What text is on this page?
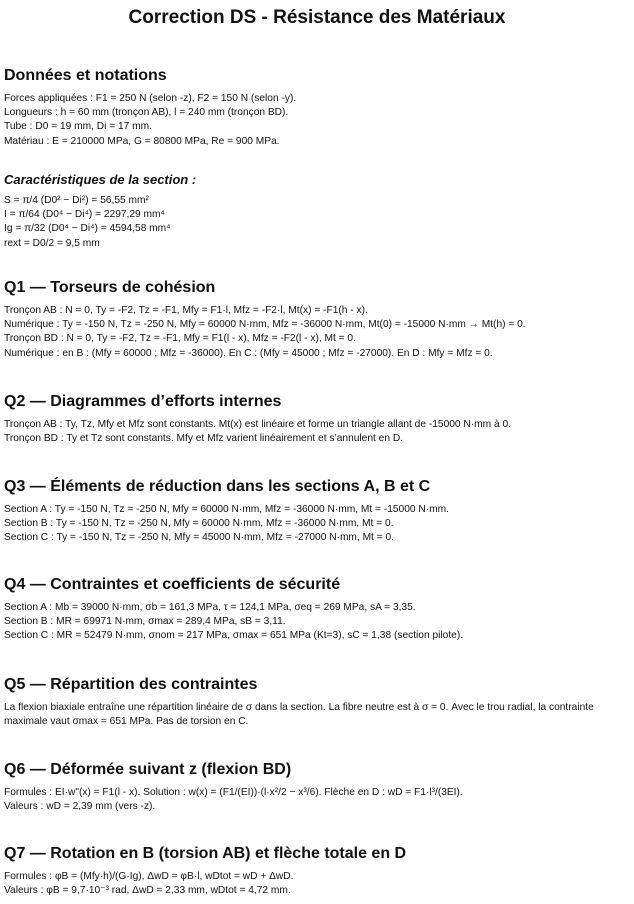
Correction DS - Résistance des Matériaux
Données et notations
Forces appliquées : F1 = 250 N (selon -z), F2 = 150 N (selon -y).
Longueurs : h = 60 mm (tronçon AB), l = 240 mm (tronçon BD).
Tube : D0 = 19 mm, Di = 17 mm.
Matériau : E = 210000 MPa, G = 80800 MPa, Re = 900 MPa.
Caractéristiques de la section :
S = π/4 (D0² − Di²) = 56,55 mm²
I = π/64 (D0⁴ − Di⁴) = 2297,29 mm⁴
Ig = π/32 (D0⁴ − Di⁴) = 4594,58 mm⁴
rext = D0/2 = 9,5 mm
Q1 — Torseurs de cohésion
Tronçon AB : N = 0, Ty = -F2, Tz = -F1, Mfy = F1·l, Mfz = -F2·l, Mt(x) = -F1(h - x).
Numérique : Ty = -150 N, Tz = -250 N, Mfy = 60000 N·mm, Mfz = -36000 N·mm, Mt(0) = -15000 N·mm → Mt(h) = 0.
Tronçon BD : N = 0, Ty = -F2, Tz = -F1, Mfy = F1(l - x), Mfz = -F2(l - x), Mt = 0.
Numérique : en B : (Mfy = 60000 ; Mfz = -36000). En C : (Mfy = 45000 ; Mfz = -27000). En D : Mfy = Mfz = 0.
Q2 — Diagrammes d’efforts internes
Tronçon AB : Ty, Tz, Mfy et Mfz sont constants. Mt(x) est linéaire et forme un triangle allant de -15000 N·mm à 0.
Tronçon BD : Ty et Tz sont constants. Mfy et Mfz varient linéairement et s’annulent en D.
Q3 — Éléments de réduction dans les sections A, B et C
Section A : Ty = -150 N, Tz = -250 N, Mfy = 60000 N·mm, Mfz = -36000 N·mm, Mt = -15000 N·mm.
Section B : Ty = -150 N, Tz = -250 N, Mfy = 60000 N·mm, Mfz = -36000 N·mm, Mt = 0.
Section C : Ty = -150 N, Tz = -250 N, Mfy = 45000 N·mm, Mfz = -27000 N·mm, Mt = 0.
Q4 — Contraintes et coefficients de sécurité
Section A : Mb = 39000 N·mm, σb = 161,3 MPa, τ = 124,1 MPa, σeq = 269 MPa, sA = 3,35.
Section B : MR = 69971 N·mm, σmax = 289,4 MPa, sB = 3,11.
Section C : MR = 52479 N·mm, σnom = 217 MPa, σmax = 651 MPa (Kt=3), sC = 1,38 (section pilote).
Q5 — Répartition des contraintes
La flexion biaxiale entraîne une répartition linéaire de σ dans la section. La fibre neutre est à σ = 0. Avec le trou radial, la contrainte maximale vaut σmax = 651 MPa. Pas de torsion en C.
Q6 — Déformée suivant z (flexion BD)
Formules : EI·w"(x) = F1(l - x). Solution : w(x) = (F1/(EI))·(l·x²/2 − x³/6). Flèche en D : wD = F1·l³/(3EI).
Valeurs : wD = 2,39 mm (vers -z).
Q7 — Rotation en B (torsion AB) et flèche totale en D
Formules : φB = (Mfy·h)/(G·Ig), ΔwD = φB·l, wDtot = wD + ΔwD.
Valeurs : φB = 9,7·10⁻³ rad, ΔwD = 2,33 mm, wDtot = 4,72 mm.
